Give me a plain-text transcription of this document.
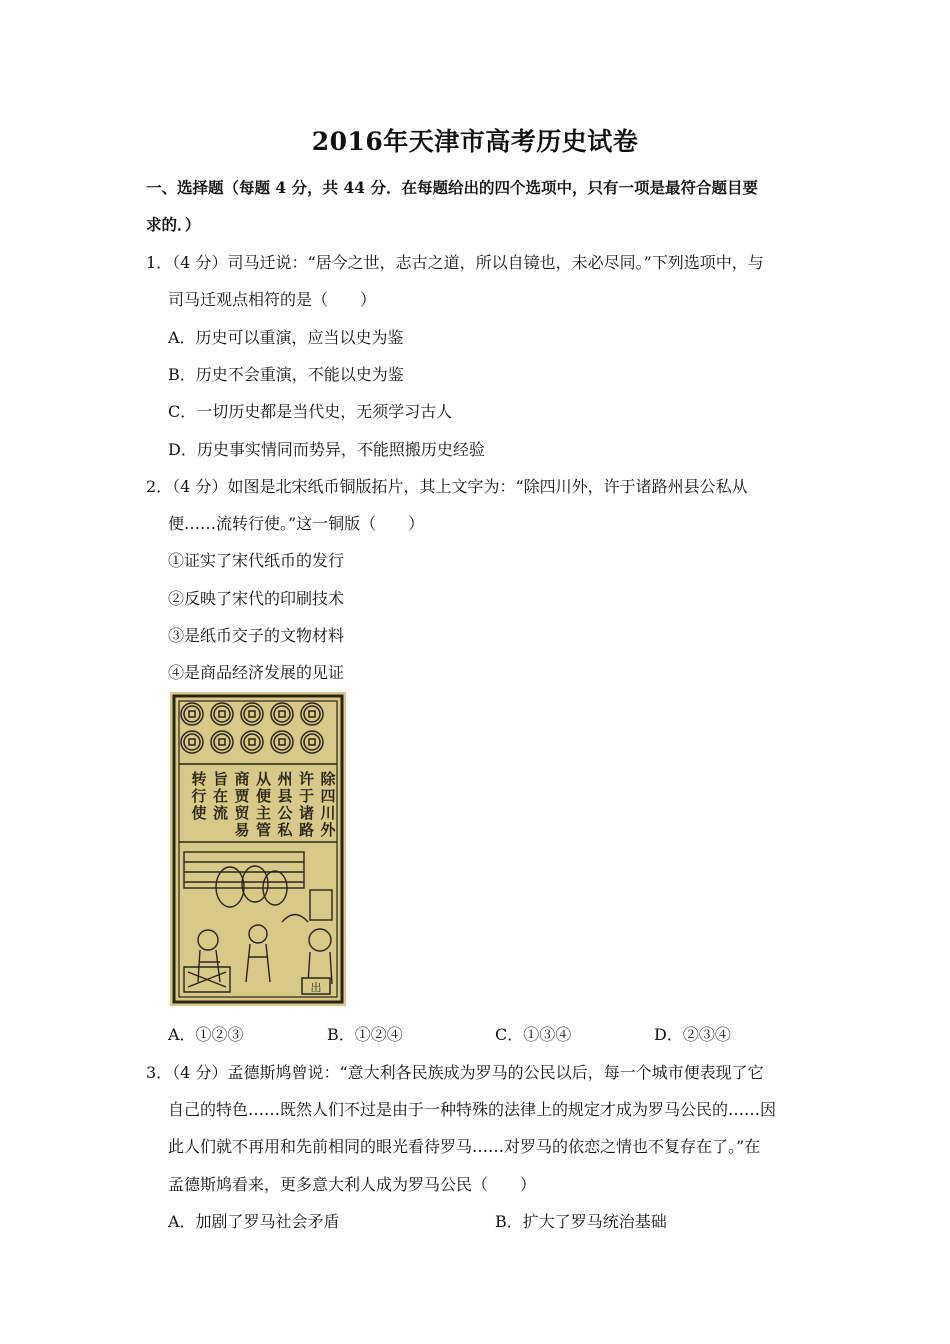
2016年天津市高考历史试卷
一、选择题（每题 4 分，共 44 分．在每题给出的四个选项中，只有一项是最符合题目要
求的．）
1．（4 分）司马迁说：“居今之世，志古之道，所以自镜也，未必尽同。”下列选项中，与
司马迁观点相符的是（　　）
A．历史可以重演，应当以史为鉴
B．历史不会重演，不能以史为鉴
C．一切历史都是当代史，无须学习古人
D．历史事实情同而势异，不能照搬历史经验
2．（4 分）如图是北宋纸币铜版拓片，其上文字为：“除四川外，许于诸路州县公私从
便……流转行使。”这一铜版（　　）
①证实了宋代纸币的发行
②反映了宋代的印刷技术
③是纸币交子的文物材料
④是商品经济发展的见证
除四川外
许于诸路
州县公私
从便主管
商贾贸易
旨在流
转行使
出
A．①②③	B．①②④	C．①③④	D．②③④
3．（4 分）孟德斯鸠曾说：“意大利各民族成为罗马的公民以后，每一个城市便表现了它
自己的特色……既然人们不过是由于一种特殊的法律上的规定才成为罗马公民的……因
此人们就不再用和先前相同的眼光看待罗马……对罗马的依恋之情也不复存在了。”在
孟德斯鸠看来，更多意大利人成为罗马公民（　　）
A．加剧了罗马社会矛盾	B．扩大了罗马统治基础
